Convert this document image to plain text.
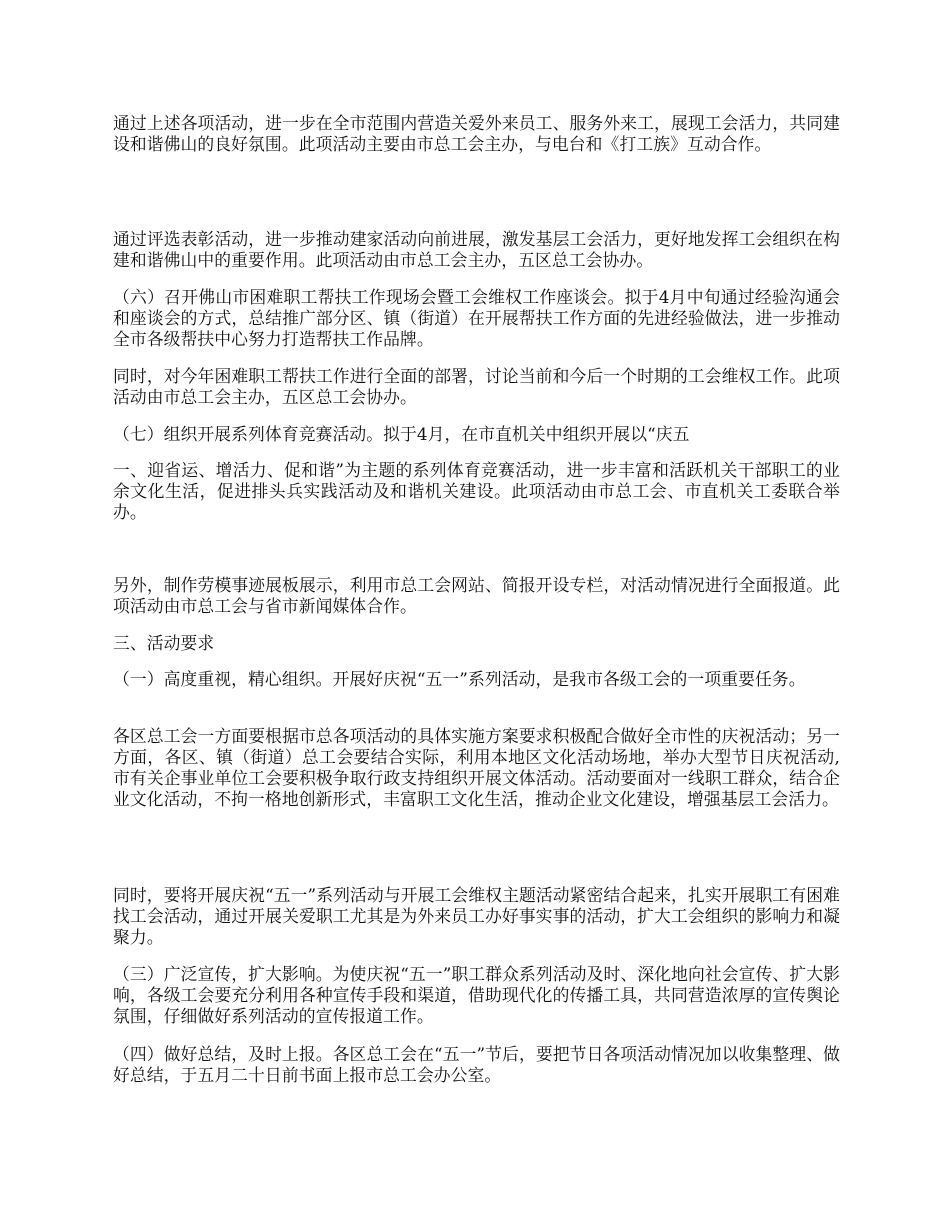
通过上述各项活动，进一步在全市范围内营造关爱外来员工、服务外来工，展现工会活力，共同建设和谐佛山的良好氛围。此项活动主要由市总工会主办，与电台和《打工族》互动合作。

通过评选表彰活动，进一步推动建家活动向前进展，激发基层工会活力，更好地发挥工会组织在构建和谐佛山中的重要作用。此项活动由市总工会主办，五区总工会协办。

（六）召开佛山市困难职工帮扶工作现场会暨工会维权工作座谈会。拟于4月中旬通过经验沟通会和座谈会的方式，总结推广部分区、镇（街道）在开展帮扶工作方面的先进经验做法，进一步推动全市各级帮扶中心努力打造帮扶工作品牌。

同时，对今年困难职工帮扶工作进行全面的部署，讨论当前和今后一个时期的工会维权工作。此项活动由市总工会主办，五区总工会协办。

（七）组织开展系列体育竞赛活动。拟于4月，在市直机关中组织开展以“庆五

一、迎省运、增活力、促和谐”为主题的系列体育竞赛活动，进一步丰富和活跃机关干部职工的业余文化生活，促进排头兵实践活动及和谐机关建设。此项活动由市总工会、市直机关工委联合举办。

另外，制作劳模事迹展板展示，利用市总工会网站、简报开设专栏，对活动情况进行全面报道。此项活动由市总工会与省市新闻媒体合作。

三、活动要求

（一）高度重视，精心组织。开展好庆祝“五一”系列活动，是我市各级工会的一项重要任务。

各区总工会一方面要根据市总各项活动的具体实施方案要求积极配合做好全市性的庆祝活动；另一方面，各区、镇（街道）总工会要结合实际，利用本地区文化活动场地，举办大型节日庆祝活动,市有关企事业单位工会要积极争取行政支持组织开展文体活动。活动要面对一线职工群众，结合企业文化活动，不拘一格地创新形式，丰富职工文化生活，推动企业文化建设，增强基层工会活力。

同时，要将开展庆祝“五一”系列活动与开展工会维权主题活动紧密结合起来，扎实开展职工有困难找工会活动，通过开展关爱职工尤其是为外来员工办好事实事的活动，扩大工会组织的影响力和凝聚力。

（三）广泛宣传，扩大影响。为使庆祝“五一”职工群众系列活动及时、深化地向社会宣传、扩大影响，各级工会要充分利用各种宣传手段和渠道，借助现代化的传播工具，共同营造浓厚的宣传舆论氛围，仔细做好系列活动的宣传报道工作。

（四）做好总结，及时上报。各区总工会在“五一”节后，要把节日各项活动情况加以收集整理、做好总结，于五月二十日前书面上报市总工会办公室。
